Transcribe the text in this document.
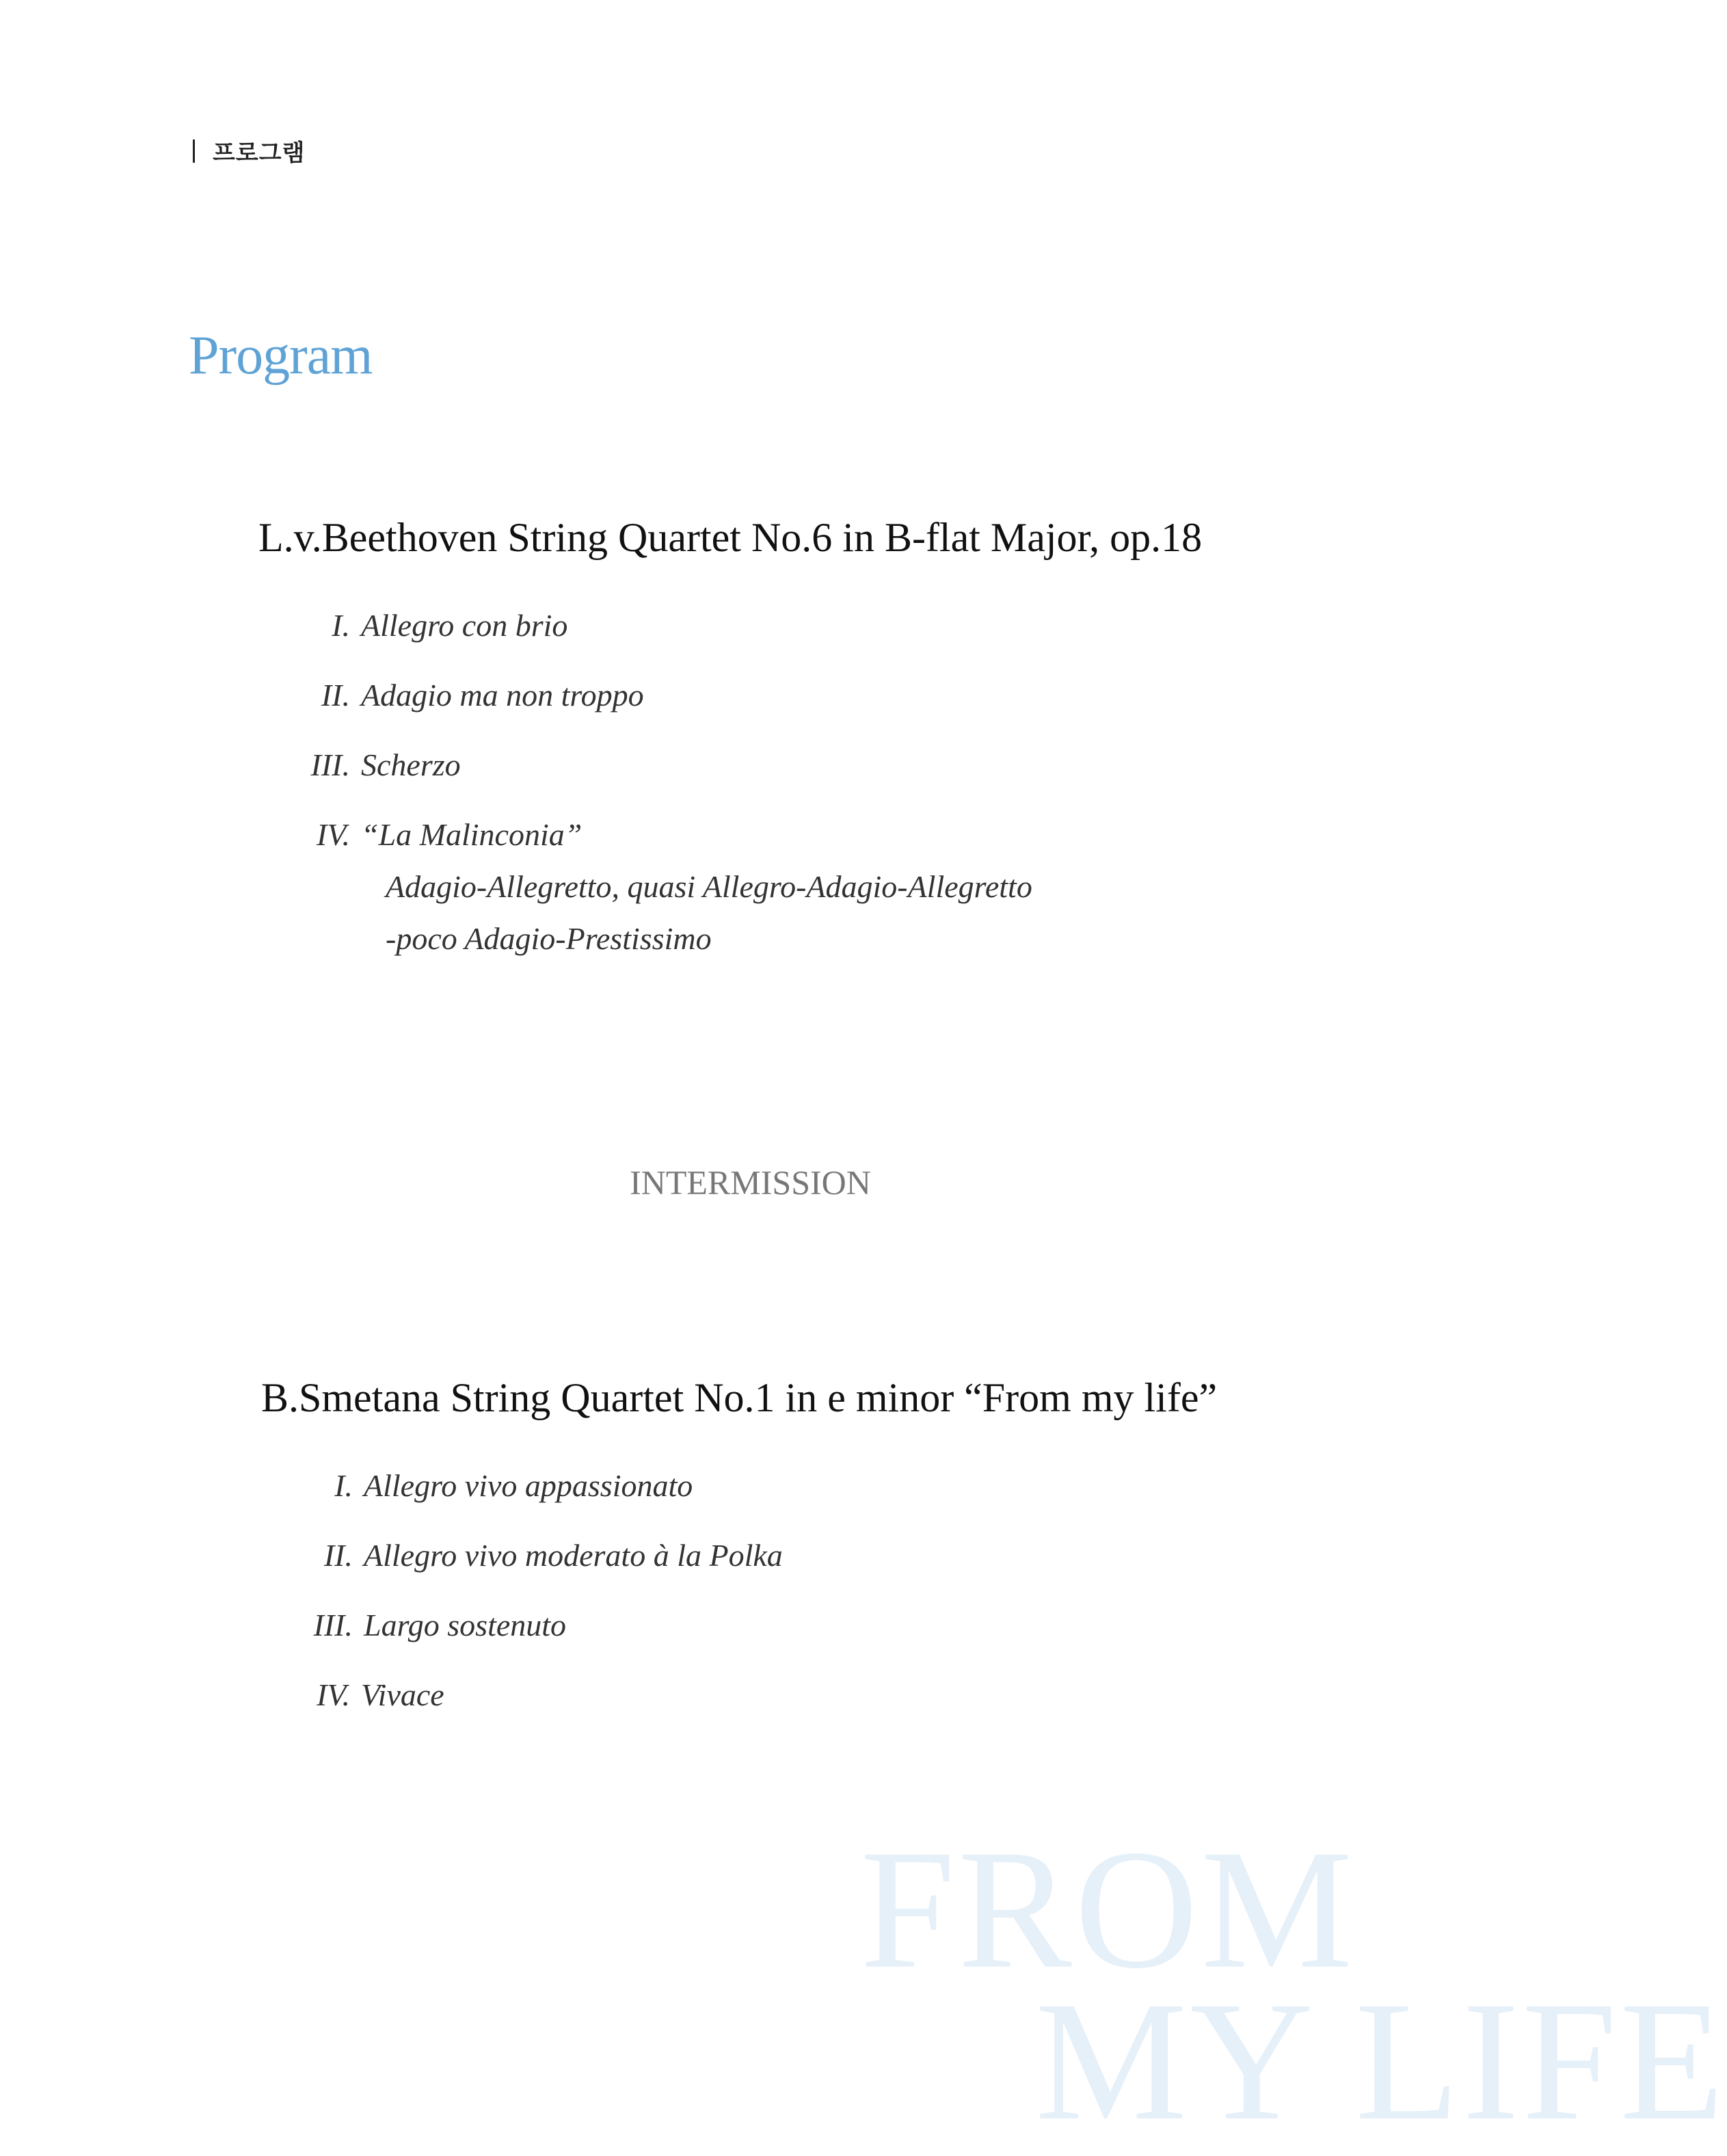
프로그램
Program
L.v.Beethoven String Quartet No.6 in B-flat Major, op.18
I. Allegro con brio
II. Adagio ma non troppo
III. Scherzo
IV. “La Malinconia”
Adagio-Allegretto, quasi Allegro-Adagio-Allegretto
-poco Adagio-Prestissimo
INTERMISSION
B.Smetana String Quartet No.1 in e minor “From my life”
I. Allegro vivo appassionato
II. Allegro vivo moderato à la Polka
III. Largo sostenuto
IV. Vivace
FROM
MY LIFE
